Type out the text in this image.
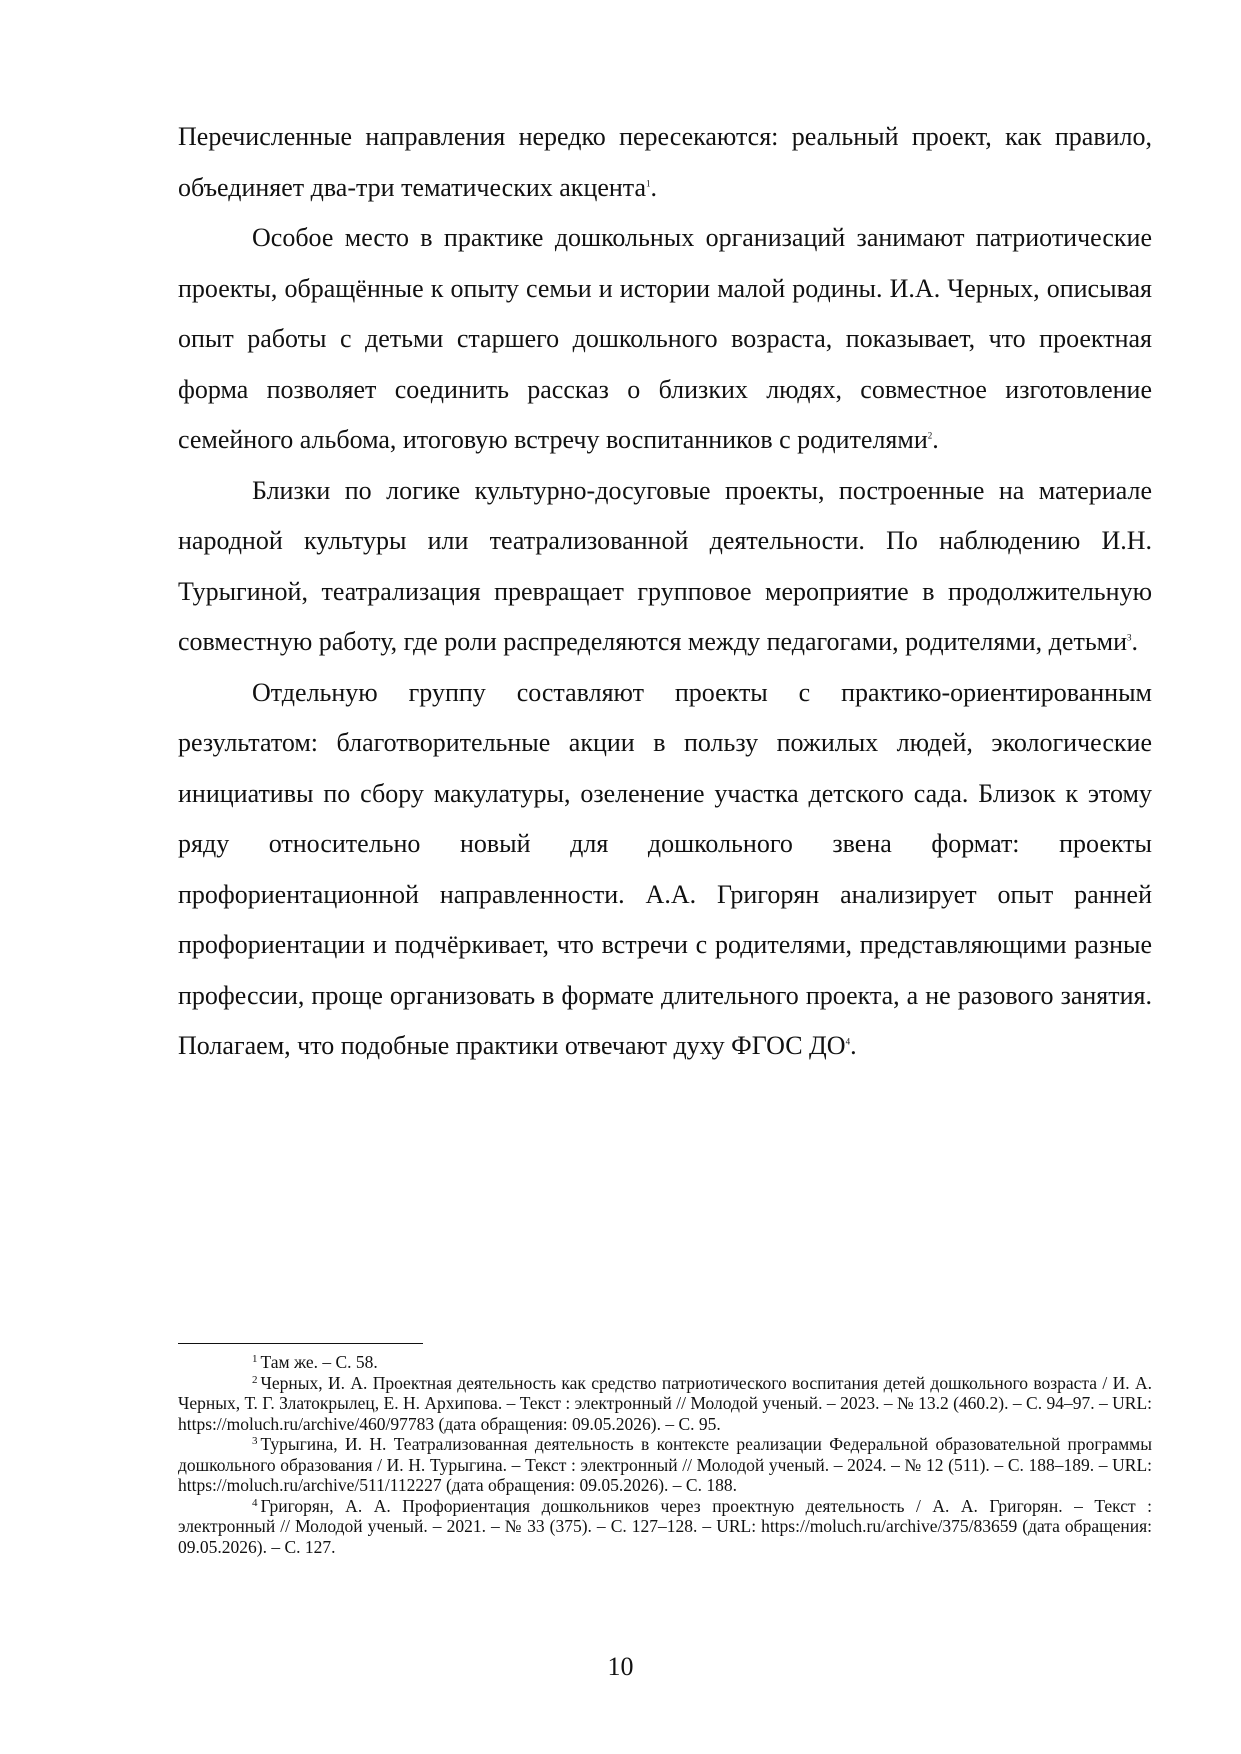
Перечисленные направления нередко пересекаются: реальный проект, как правило, объединяет два-три тематических акцента$^1$.

Особое место в практике дошкольных организаций занимают патриотические проекты, обращённые к опыту семьи и истории малой родины. И.А. Черных, описывая опыт работы с детьми старшего дошкольного возраста, показывает, что проектная форма позволяет соединить рассказ о близких людях, совместное изготовление семейного альбома, итоговую встречу воспитанников с родителями$^2$.

Близки по логике культурно-досуговые проекты, построенные на материале народной культуры или театрализованной деятельности. По наблюдению И.Н. Турыгиной, театрализация превращает групповое мероприятие в продолжительную совместную работу, где роли распределяются между педагогами, родителями, детьми$^3$.

Отдельную группу составляют проекты с практико-ориентированным результатом: благотворительные акции в пользу пожилых людей, экологические инициативы по сбору макулатуры, озеленение участка детского сада. Близок к этому ряду относительно новый для дошкольного звена формат: проекты профориентационной направленности. А.А. Григорян анализирует опыт ранней профориентации и подчёркивает, что встречи с родителями, представляющими разные профессии, проще организовать в формате длительного проекта, а не разового занятия. Полагаем, что подобные практики отвечают духу ФГОС $ДО^4$.

$^1$ Там же. – С. 58.

$^2$ Черных, И. А. Проектная деятельность как средство патриотического воспитания детей дошкольного возраста / И. А. Черных, Т. Г. Златокрылец, Е. Н. Архипова. – Текст : электронный // Молодой ученый. – 2023. – № 13.2 (460.2). – С. 94–97. – URL: https://moluch.ru/archive/460/97783 (дата обращения: 09.05.2026). – С. 95.

$^3$ Турыгина, И. Н. Театрализованная деятельность в контексте реализации Федеральной образовательной программы дошкольного образования / И. Н. Турыгина. – Текст : электронный // Молодой ученый. – 2024. – № 12 (511). – С. 188–189. – URL: https://moluch.ru/archive/511/112227 (дата обращения: 09.05.2026). – С. 188.

$^4$ Григорян, А. А. Профориентация дошкольников через проектную деятельность / А. А. Григорян. – Текст : электронный // Молодой ученый. – 2021. – № 33 (375). – С. 127–128. – URL: https://moluch.ru/archive/375/83659 (дата обращения: 09.05.2026). – С. 127.

10
